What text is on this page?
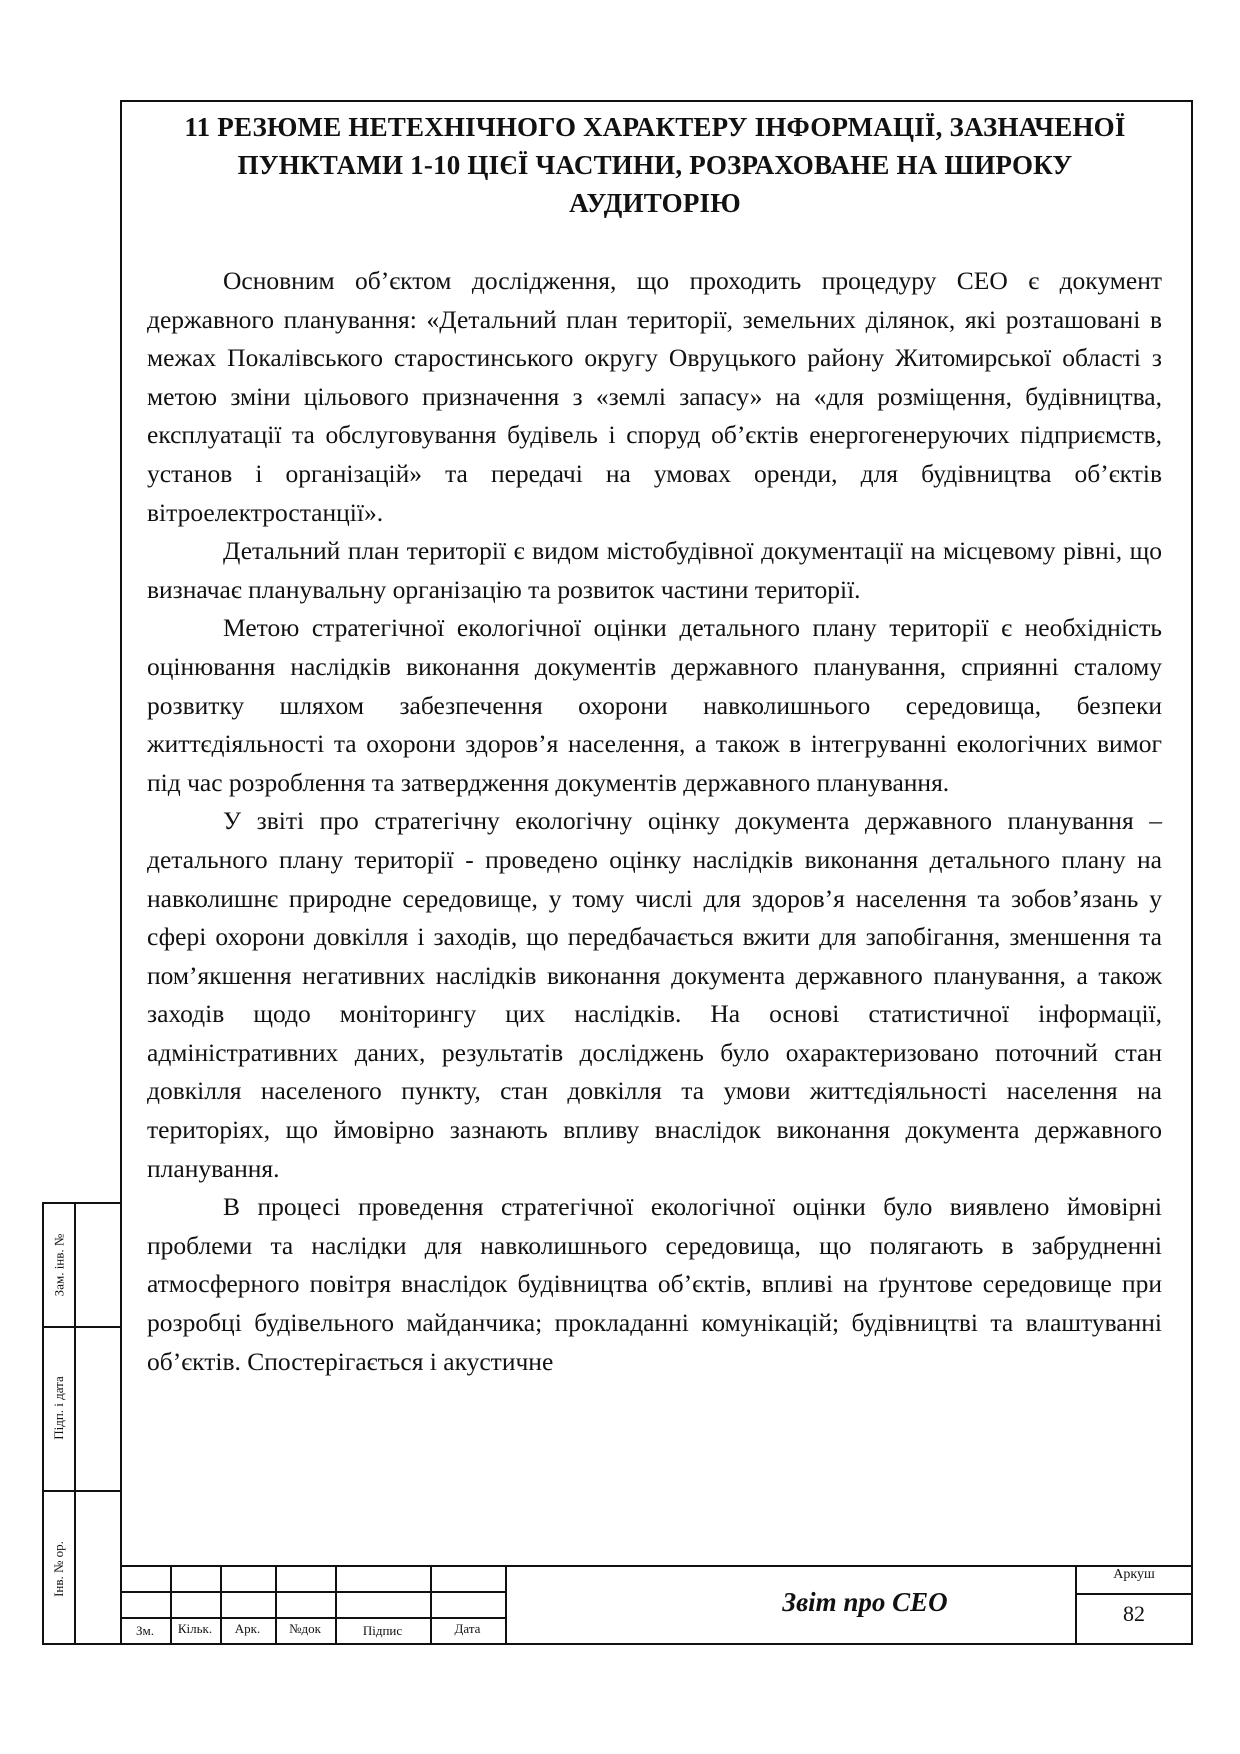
11 РЕЗЮМЕ НЕТЕХНІЧНОГО ХАРАКТЕРУ ІНФОРМАЦІЇ, ЗАЗНАЧЕНОЇ ПУНКТАМИ 1-10 ЦІЄЇ ЧАСТИНИ, РОЗРАХОВАНЕ НА ШИРОКУ АУДИТОРІЮ

Основним об’єктом дослідження, що проходить процедуру СЕО є документ державного планування: «Детальний план території, земельних ділянок, які розташовані в межах Покалівського старостинського округу Овруцького району Житомирської області з метою зміни цільового призначення з «землі запасу» на «для розміщення, будівництва, експлуатації та обслуговування будівель і споруд об’єктів енергогенеруючих підприємств, установ і організацій» та передачі на умовах оренди, для будівництва об’єктів вітроелектростанції».

Детальний план території є видом містобудівної документації на місцевому рівні, що визначає планувальну організацію та розвиток частини території.

Метою стратегічної екологічної оцінки детального плану території є необхідність оцінювання наслідків виконання документів державного планування, сприянні сталому розвитку шляхом забезпечення охорони навколишнього середовища, безпеки життєдіяльності та охорони здоров’я населення, а також в інтегруванні екологічних вимог під час розроблення та затвердження документів державного планування.

У звіті про стратегічну екологічну оцінку документа державного планування – детального плану території - проведено оцінку наслідків виконання детального плану на навколишнє природне середовище, у тому числі для здоров’я населення та зобов’язань у сфері охорони довкілля і заходів, що передбачається вжити для запобігання, зменшення та пом’якшення негативних наслідків виконання документа державного планування, а також заходів щодо моніторингу цих наслідків. На основі статистичної інформації, адміністративних даних, результатів досліджень було охарактеризовано поточний стан довкілля населеного пункту, стан довкілля та умови життєдіяльності населення на територіях, що ймовірно зазнають впливу внаслідок виконання документа державного планування.

В процесі проведення стратегічної екологічної оцінки було виявлено ймовірні проблеми та наслідки для навколишнього середовища, що полягають в забрудненні атмосферного повітря внаслідок будівництва об’єктів, впливі на ґрунтове середовище при розробці будівельного майданчика; прокладанні комунікацій; будівництві та влаштуванні об’єктів. Спостерігається і акустичне

Зам. інв. №
Підп. і дата
Інв. № ор.
Зм.	Кільк.	Арк.	№док	Підпис	Дата
Звіт про СЕО
Аркуш
82
